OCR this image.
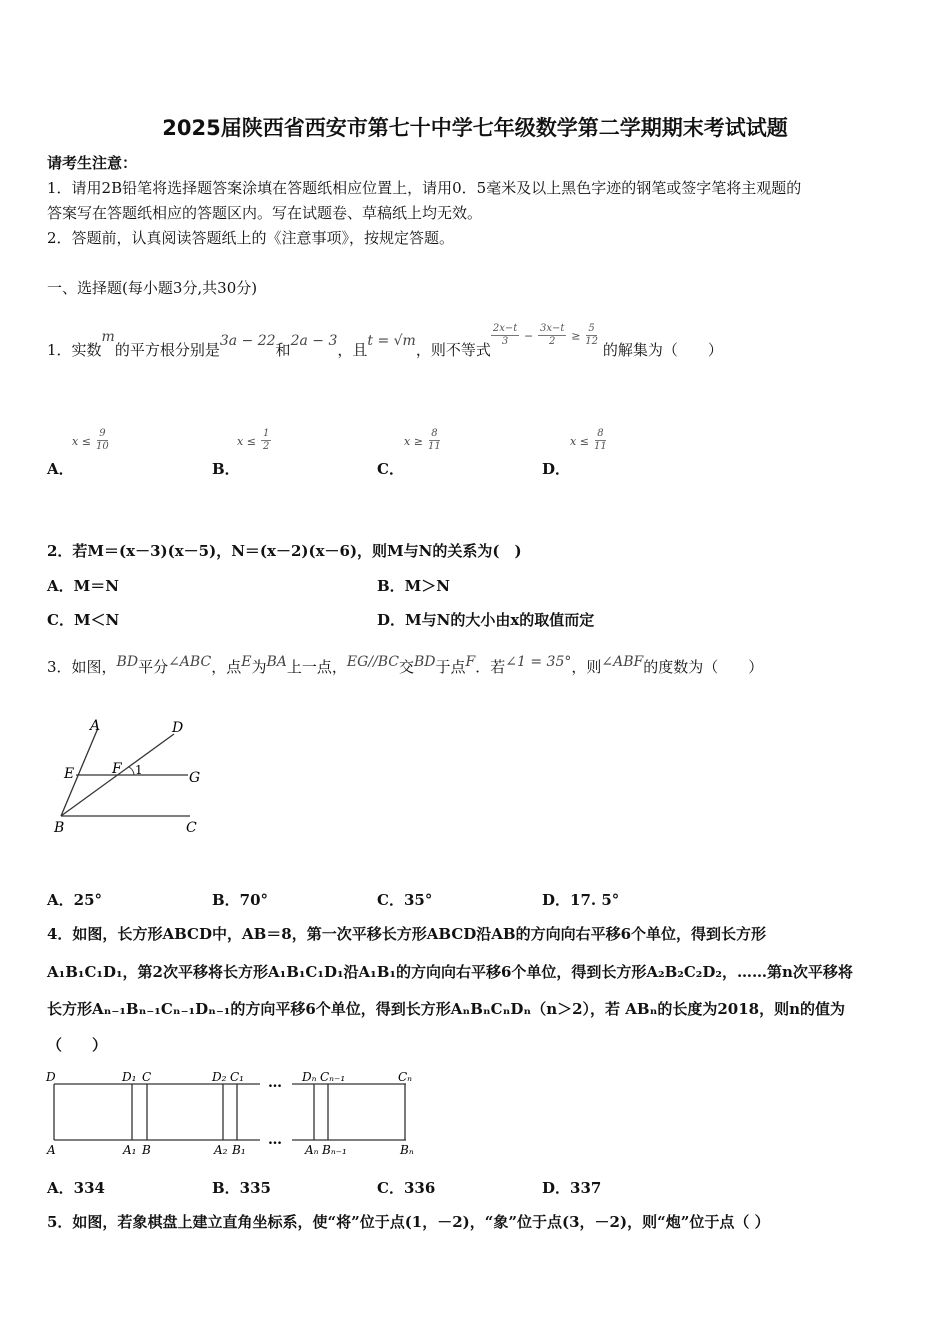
2025届陕西省西安市第七十中学七年级数学第二学期期末考试试题
请考生注意：
1．请用2B铅笔将选择题答案涂填在答题纸相应位置上，请用0．5毫米及以上黑色字迹的钢笔或签字笔将主观题的
答案写在答题纸相应的答题区内。写在试题卷、草稿纸上均无效。
2．答题前，认真阅读答题纸上的《注意事项》，按规定答题。
一、选择题(每小题3分,共30分)
1．实数m的平方根分别是3a − 22和2a − 3，且t = √m，则不等式
$\frac{2x-t}{3} - \frac{3x-t}{2} \ge \frac{5}{12}$
的解集为（　　）
$x \le \frac{9}{10}$
A．
$x \le \frac{1}{2}$
B．
$x \ge \frac{8}{11}$
C．
$x \le \frac{8}{11}$
D．
2．若M＝(x－3)(x－5)，N＝(x－2)(x－6)，则M与N的关系为(　)
A．M＝N	B．M＞N
C．M＜N	D．M与N的大小由x的取值而定
3．如图，BD平分∠ABC，点E为BA上一点，EG//BC交BD于点F．若∠1 = 35°，则∠ABF的度数为（　　）
A	D
E	F 1	G
B	C
A．25°	B．70°	C．35°	D．17. 5°
4．如图，长方形ABCD中，AB＝8，第一次平移长方形ABCD沿AB的方向向右平移6个单位，得到长方形
A₁B₁C₁D₁，第2次平移将长方形A₁B₁C₁D₁沿A₁B₁的方向向右平移6个单位，得到长方形A₂B₂C₂D₂，……第n次平移将
长方形Aₙ₋₁Bₙ₋₁Cₙ₋₁Dₙ₋₁的方向平移6个单位，得到长方形AₙBₙCₙDₙ（n＞2），若 ABₙ的长度为2018，则n的值为
（　　）
…
…
D	D₁ C	D₂ C₁	Dₙ Cₙ₋₁	Cₙ
A	A₁ B	A₂ B₁	Aₙ Bₙ₋₁	Bₙ
A．334	B．335	C．336	D．337
5．如图，若象棋盘上建立直角坐标系，使“将”位于点(1，－2)，“象”位于点(3，－2)，则“炮”位于点（ ）
